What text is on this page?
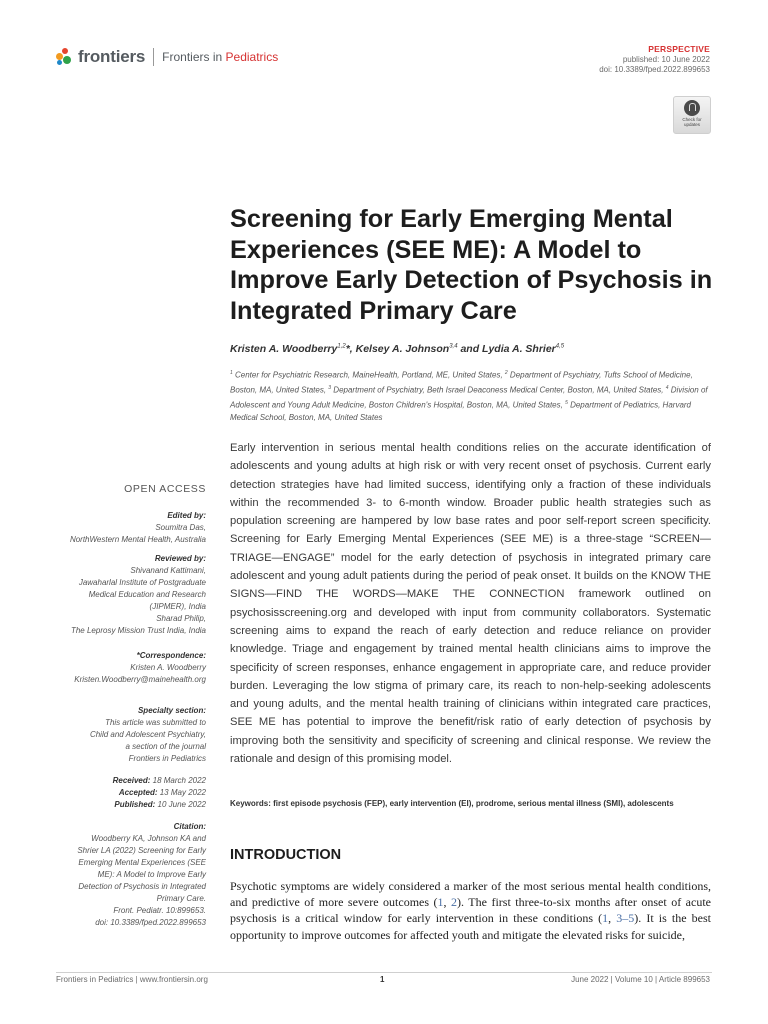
frontiers Frontiers in Pediatrics
PERSPECTIVE
published: 10 June 2022
doi: 10.3389/fped.2022.899653
Check for updates
Screening for Early Emerging Mental Experiences (SEE ME): A Model to Improve Early Detection of Psychosis in Integrated Primary Care
Kristen A. Woodberry$^{1,2}$*, Kelsey A. Johnson$^{3,4}$ and Lydia A. Shrier$^{4,5}$
$^1$ Center for Psychiatric Research, MaineHealth, Portland, ME, United States, $^2$ Department of Psychiatry, Tufts School of Medicine, Boston, MA, United States, $^3$ Department of Psychiatry, Beth Israel Deaconess Medical Center, Boston, MA, United States, $^4$ Division of Adolescent and Young Adult Medicine, Boston Children's Hospital, Boston, MA, United States, $^5$ Department of Pediatrics, Harvard Medical School, Boston, MA, United States
OPEN ACCESS
Edited by:
Soumitra Das,
NorthWestern Mental Health, Australia
Reviewed by:
Shivanand Kattimani,
Jawaharlal Institute of Postgraduate
Medical Education and Research
(JIPMER), India
Sharad Philip,
The Leprosy Mission Trust India, India
*Correspondence:
Kristen A. Woodberry
Kristen.Woodberry@mainehealth.org
Specialty section:
This article was submitted to
Child and Adolescent Psychiatry,
a section of the journal
Frontiers in Pediatrics
Received: 18 March 2022
Accepted: 13 May 2022
Published: 10 June 2022
Citation:
Woodberry KA, Johnson KA and
Shrier LA (2022) Screening for Early
Emerging Mental Experiences (SEE
ME): A Model to Improve Early
Detection of Psychosis in Integrated
Primary Care.
Front. Pediatr. 10:899653.
doi: 10.3389/fped.2022.899653
Early intervention in serious mental health conditions relies on the accurate identification of adolescents and young adults at high risk or with very recent onset of psychosis. Current early detection strategies have had limited success, identifying only a fraction of these individuals within the recommended 3- to 6-month window. Broader public health strategies such as population screening are hampered by low base rates and poor self-report screen specificity. Screening for Early Emerging Mental Experiences (SEE ME) is a three-stage “SCREEN—TRIAGE—ENGAGE” model for the early detection of psychosis in integrated primary care adolescent and young adult patients during the period of peak onset. It builds on the KNOW THE SIGNS—FIND THE WORDS—MAKE THE CONNECTION framework outlined on psychosisscreening.org and developed with input from community collaborators. Systematic screening aims to expand the reach of early detection and reduce reliance on provider knowledge. Triage and engagement by trained mental health clinicians aims to improve the specificity of screen responses, enhance engagement in appropriate care, and reduce provider burden. Leveraging the low stigma of primary care, its reach to non-help-seeking adolescents and young adults, and the mental health training of clinicians within integrated care practices, SEE ME has potential to improve the benefit/risk ratio of early detection of psychosis by improving both the sensitivity and specificity of screening and clinical response. We review the rationale and design of this promising model.
Keywords: first episode psychosis (FEP), early intervention (EI), prodrome, serious mental illness (SMI), adolescents
INTRODUCTION
Psychotic symptoms are widely considered a marker of the most serious mental health conditions, and predictive of more severe outcomes (1, 2). The first three-to-six months after onset of acute psychosis is a critical window for early intervention in these conditions (1, 3–5). It is the best opportunity to improve outcomes for affected youth and mitigate the elevated risks for suicide,
Frontiers in Pediatrics | www.frontiersin.org	1	June 2022 | Volume 10 | Article 899653
